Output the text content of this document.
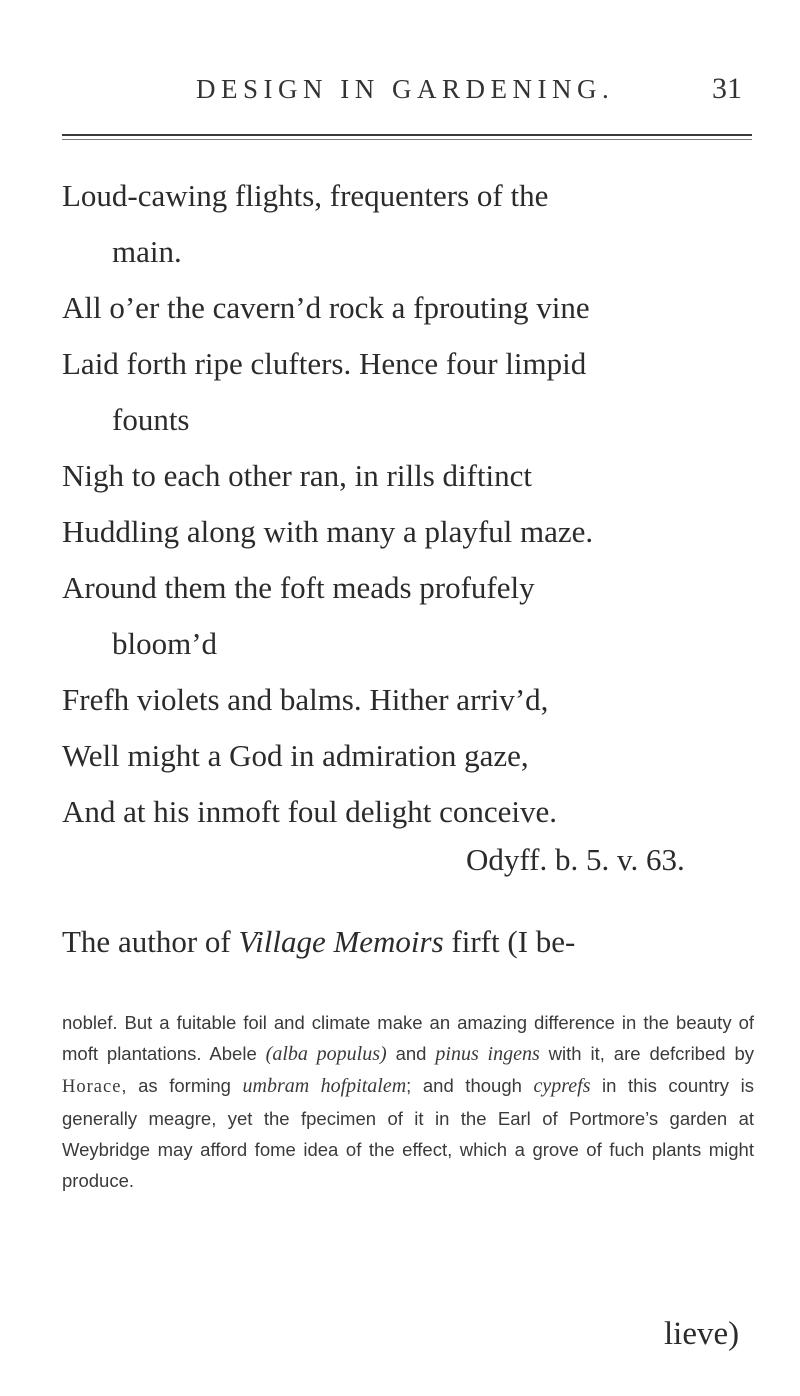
DESIGN IN GARDENING.	31
Loud-cawing flights, frequenters of the
main.
All o’er the cavern’d rock a fprouting vine
Laid forth ripe clufters. Hence four limpid
founts
Nigh to each other ran, in rills diftinct
Huddling along with many a playful maze.
Around them the foft meads profufely
bloom’d
Frefh violets and balms. Hither arriv’d,
Well might a God in admiration gaze,
And at his inmoft foul delight conceive.
Odyff. b. 5. v. 63.
The author of Village Memoirs firft (I be-
noblef. But a fuitable foil and climate make an amazing difference in the beauty of moft plantations. Abele (alba populus) and pinus ingens with it, are defcribed by Horace, as forming umbram hofpitalem; and though cyprefs in this country is generally meagre, yet the fpecimen of it in the Earl of Portmore’s garden at Weybridge may afford fome idea of the effect, which a grove of fuch plants might produce.
lieve)
